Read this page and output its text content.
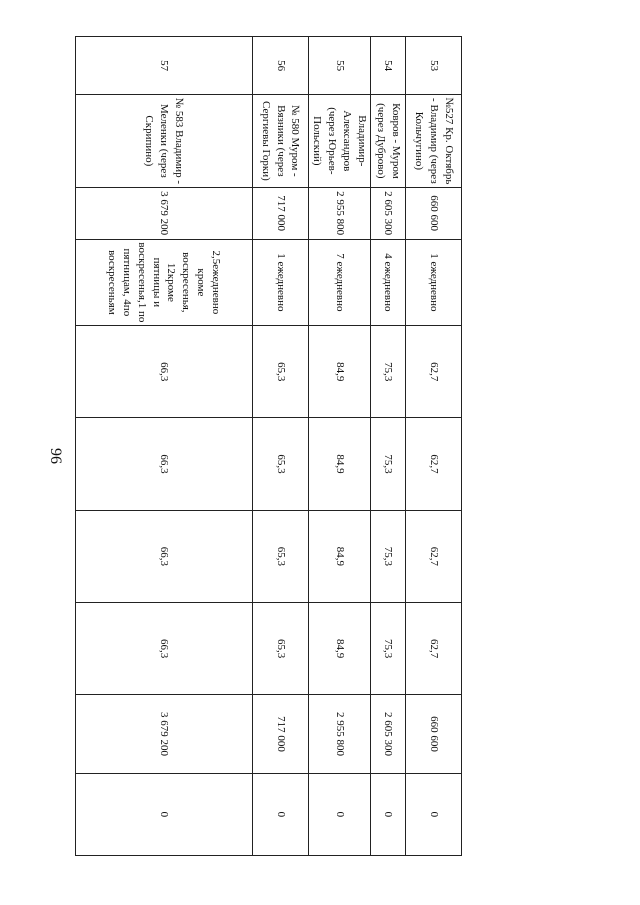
96
53	№527 Кр. Октябрь - Владимир (через Кольчугино)	660 600	1 ежедневно	62,7	62,7	62,7	62,7	660 600	0
54	Ковров - Муром (через Дуброво)	2 605 300	4 ежедневно	75,3	75,3	75,3	75,3	2 605 300	0
55	Владимир-Александров (через Юрьев-Польский)	2 955 800	7 ежедневно	84,9	84,9	84,9	84,9	2 955 800	0
56	№ 580 Муром - Вязники (через Сергиевы Горки)	717 000	1 ежедневно	65,3	65,3	65,3	65,3	717 000	0
57	№ 583 Владимир - Меленки (через Скрипино)	3 679 200	2,5ежедневно кроме воскресенья, 12кроме пятницы и воскресенья,1 по пятницам, 4по воскресеньям	66,3	66,3	66,3	66,3	3 679 200	0
